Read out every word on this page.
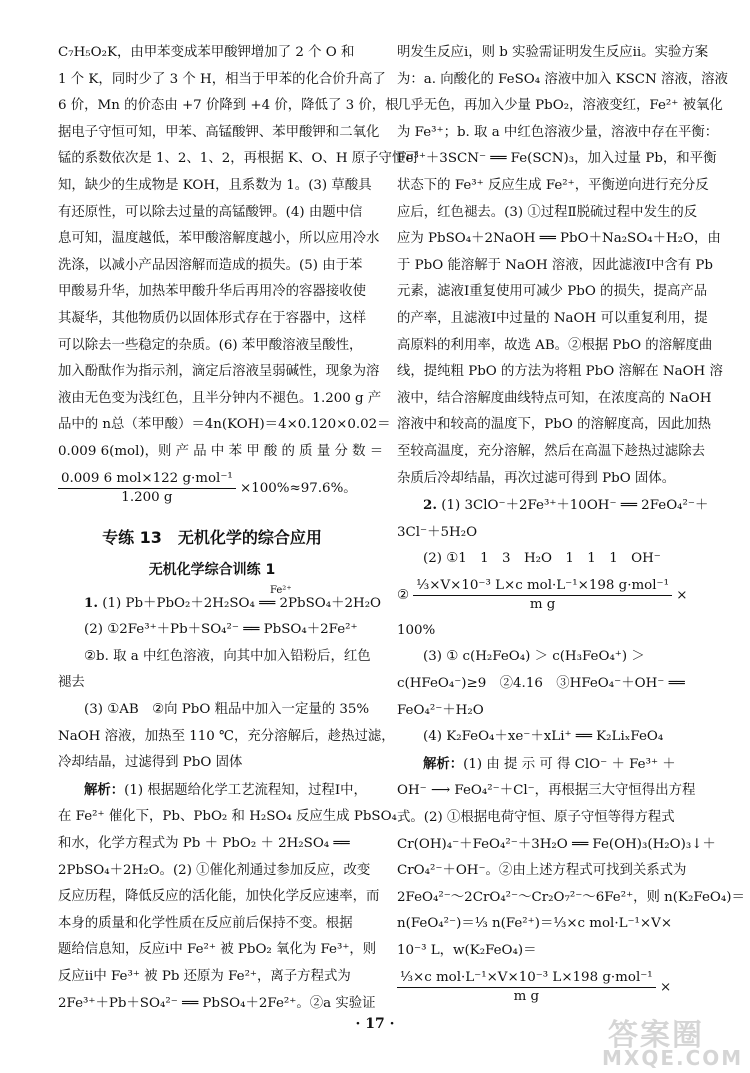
C₇H₅O₂K，由甲苯变成苯甲酸钾增加了 2 个 O 和
1 个 K，同时少了 3 个 H，相当于甲苯的化合价升高了
6 价，Mn 的价态由 +7 价降到 +4 价，降低了 3 价，根
据电子守恒可知，甲苯、高锰酸钾、苯甲酸钾和二氧化
锰的系数依次是 1、2、1、2，再根据 K、O、H 原子守恒可
知，缺少的生成物是 KOH，且系数为 1。(3) 草酸具
有还原性，可以除去过量的高锰酸钾。(4) 由题中信
息可知，温度越低，苯甲酸溶解度越小，所以应用冷水
洗涤，以减小产品因溶解而造成的损失。(5) 由于苯
甲酸易升华，加热苯甲酸升华后再用冷的容器接收使
其凝华，其他物质仍以固体形式存在于容器中，这样
可以除去一些稳定的杂质。(6) 苯甲酸溶液呈酸性，
加入酚酞作为指示剂，滴定后溶液呈弱碱性，现象为溶
液由无色变为浅红色，且半分钟内不褪色。1.200 g 产
品中的 n总（苯甲酸）＝4n(KOH)＝4×0.120×0.02＝
0.009 6(mol)，则 产 品 中 苯 甲 酸 的 质 量 分 数 ＝
$\frac{\text{0.009 6 mol×122 g·mol⁻¹}}{1.200 g} \times 100\%\approx 97.6\%$。
专练 13　无机化学的综合应用
无机化学综合训练 1
1. (1) Pb＋PbO₂＋2H₂SO₄ ══ 2PbSO₄＋2H₂O
Fe²⁺
(2) ①2Fe³⁺＋Pb＋SO₄²⁻ ══ PbSO₄＋2Fe²⁺
②b. 取 a 中红色溶液，向其中加入铅粉后，红色
褪去
(3) ①AB　②向 PbO 粗品中加入一定量的 35%
NaOH 溶液，加热至 110 ℃，充分溶解后，趁热过滤，
冷却结晶，过滤得到 PbO 固体
解析：(1) 根据题给化学工艺流程知，过程Ⅰ中，
在 Fe²⁺ 催化下，Pb、PbO₂ 和 H₂SO₄ 反应生成 PbSO₄
和水，化学方程式为 Pb ＋ PbO₂ ＋ 2H₂SO₄ ══
2PbSO₄＋2H₂O。(2) ①催化剂通过参加反应，改变
反应历程，降低反应的活化能，加快化学反应速率，而
本身的质量和化学性质在反应前后保持不变。根据
题给信息知，反应ⅰ中 Fe²⁺ 被 PbO₂ 氧化为 Fe³⁺，则
反应ⅱ中 Fe³⁺ 被 Pb 还原为 Fe²⁺，离子方程式为
2Fe³⁺＋Pb＋SO₄²⁻ ══ PbSO₄＋2Fe²⁺。②a 实验证
明发生反应ⅰ，则 b 实验需证明发生反应ⅱ。实验方案
为：a. 向酸化的 FeSO₄ 溶液中加入 KSCN 溶液，溶液
几乎无色，再加入少量 PbO₂，溶液变红，Fe²⁺ 被氧化
为 Fe³⁺；b. 取 a 中红色溶液少量，溶液中存在平衡：
Fe³⁺＋3SCN⁻ ══ Fe(SCN)₃，加入过量 Pb，和平衡
状态下的 Fe³⁺ 反应生成 Fe²⁺，平衡逆向进行充分反
应后，红色褪去。(3) ①过程Ⅱ脱硫过程中发生的反
应为 PbSO₄＋2NaOH ══ PbO＋Na₂SO₄＋H₂O，由
于 PbO 能溶解于 NaOH 溶液，因此滤液Ⅰ中含有 Pb
元素，滤液Ⅰ重复使用可减少 PbO 的损失，提高产品
的产率，且滤液Ⅰ中过量的 NaOH 可以重复利用，提
高原料的利用率，故选 AB。②根据 PbO 的溶解度曲
线，提纯粗 PbO 的方法为将粗 PbO 溶解在 NaOH 溶
液中，结合溶解度曲线特点可知，在浓度高的 NaOH
溶液中和较高的温度下，PbO 的溶解度高，因此加热
至较高温度，充分溶解，然后在高温下趁热过滤除去
杂质后冷却结晶，再次过滤可得到 PbO 固体。
2. (1) 3ClO⁻＋2Fe³⁺＋10OH⁻ ══ 2FeO₄²⁻＋
3Cl⁻＋5H₂O
(2) ①1　1　3　H₂O　1　1　1　OH⁻
② $\frac{\text{⅓×V×10⁻³ L×c mol·L⁻¹×198 g·mol⁻¹}}{\text{m g}}$ ×
100%
(3) ① c(H₂FeO₄) ＞ c(H₃FeO₄⁺) ＞
c(HFeO₄⁻)≥9　②4.16　③HFeO₄⁻＋OH⁻ ══
FeO₄²⁻＋H₂O
(4) K₂FeO₄＋xe⁻＋xLi⁺ ══ K₂LiₓFeO₄
解析：(1) 由 提 示 可 得 ClO⁻ ＋ Fe³⁺ ＋
OH⁻ ⟶ FeO₄²⁻＋Cl⁻，再根据三大守恒得出方程
式。(2) ①根据电荷守恒、原子守恒等得方程式
Cr(OH)₄⁻＋FeO₄²⁻＋3H₂O ══ Fe(OH)₃(H₂O)₃↓＋
CrO₄²⁻＋OH⁻。②由上述方程式可找到关系式为
2FeO₄²⁻～2CrO₄²⁻～Cr₂O₇²⁻～6Fe²⁺，则 n(K₂FeO₄)＝
n(FeO₄²⁻)＝⅓ n(Fe²⁺)＝⅓×c mol·L⁻¹×V×
10⁻³ L，w(K₂FeO₄)＝
$\frac{\text{⅓×c mol·L⁻¹×V×10⁻³ L×198 g·mol⁻¹}}{\text{m g}}$ ×
· 17 ·	答案圈
MXQE.COM
